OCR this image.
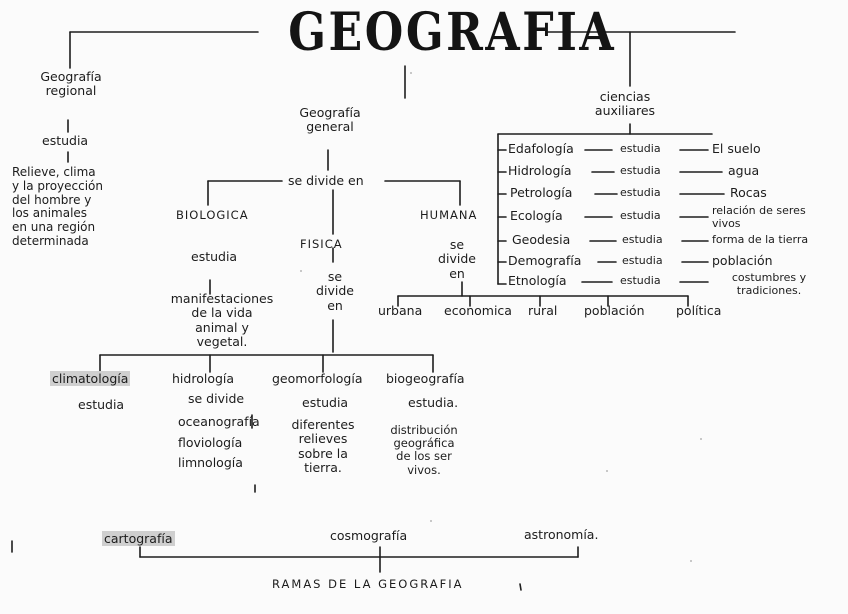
GEOGRAFIA
Geografía
regional
estudia
Relieve, clima
y la proyección
del hombre y
los animales
en una región
determinada
Geografía
general
se divide en
BIOLOGICA
estudia
manifestaciones
de la vida
animal y
vegetal.
FISICA
se
divide
en
HUMANA
se
divide
en
urbana economica rural población	política
climatología
estudia
hidrología
se divide
oceanografía
floviología
limnología
geomorfología
estudia
diferentes
relieves
sobre la
tierra.
biogeografía
estudia.
distribución
geográfica
de los ser
vivos.
ciencias
auxiliares
Edafología	estudia	El suelo
Hidrología	estudia	agua
Petrología	estudia	Rocas
Ecología	estudia	relación de seres
vivos
Geodesia	estudia	forma de la tierra
Demografía	estudia	población
Etnología	estudia	costumbres y
tradiciones.
cartografía	cosmografía	astronomía.
RAMAS DE LA GEOGRAFIA
